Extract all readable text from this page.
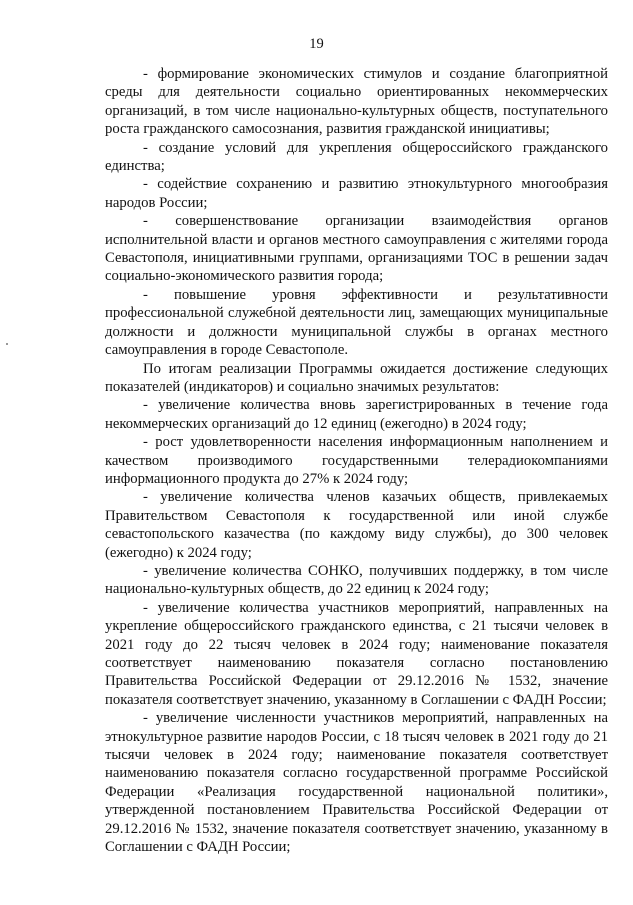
19

- формирование экономических стимулов и создание благоприятной среды для деятельности социально ориентированных некоммерческих организаций, в том числе национально-культурных обществ, поступательного роста гражданского самосознания, развития гражданской инициативы;

- создание условий для укрепления общероссийского гражданского единства;

- содействие сохранению и развитию этнокультурного многообразия народов России;

- совершенствование организации взаимодействия органов исполнительной власти и органов местного самоуправления с жителями города Севастополя, инициативными группами, организациями ТОС в решении задач социально-экономического развития города;

- повышение уровня эффективности и результативности профессиональной служебной деятельности лиц, замещающих муниципальные должности и должности муниципальной службы в органах местного самоуправления в городе Севастополе.

По итогам реализации Программы ожидается достижение следующих показателей (индикаторов) и социально значимых результатов:

- увеличение количества вновь зарегистрированных в течение года некоммерческих организаций до 12 единиц (ежегодно) в 2024 году;

- рост удовлетворенности населения информационным наполнением и качеством производимого государственными телерадиокомпаниями информационного продукта до 27% к 2024 году;

- увеличение количества членов казачьих обществ, привлекаемых Правительством Севастополя к государственной или иной службе севастопольского казачества (по каждому виду службы), до 300 человек (ежегодно) к 2024 году;

- увеличение количества СОНКО, получивших поддержку, в том числе национально-культурных обществ, до 22 единиц к 2024 году;

- увеличение количества участников мероприятий, направленных на укрепление общероссийского гражданского единства, с 21 тысячи человек в 2021 году до 22 тысяч человек в 2024 году; наименование показателя соответствует наименованию показателя согласно постановлению Правительства Российской Федерации от 29.12.2016 № 1532, значение показателя соответствует значению, указанному в Соглашении с ФАДН России;

- увеличение численности участников мероприятий, направленных на этнокультурное развитие народов России, с 18 тысяч человек в 2021 году до 21 тысячи человек в 2024 году; наименование показателя соответствует наименованию показателя согласно государственной программе Российской Федерации «Реализация государственной национальной политики», утвержденной постановлением Правительства Российской Федерации от 29.12.2016 № 1532, значение показателя соответствует значению, указанному в Соглашении с ФАДН России;
